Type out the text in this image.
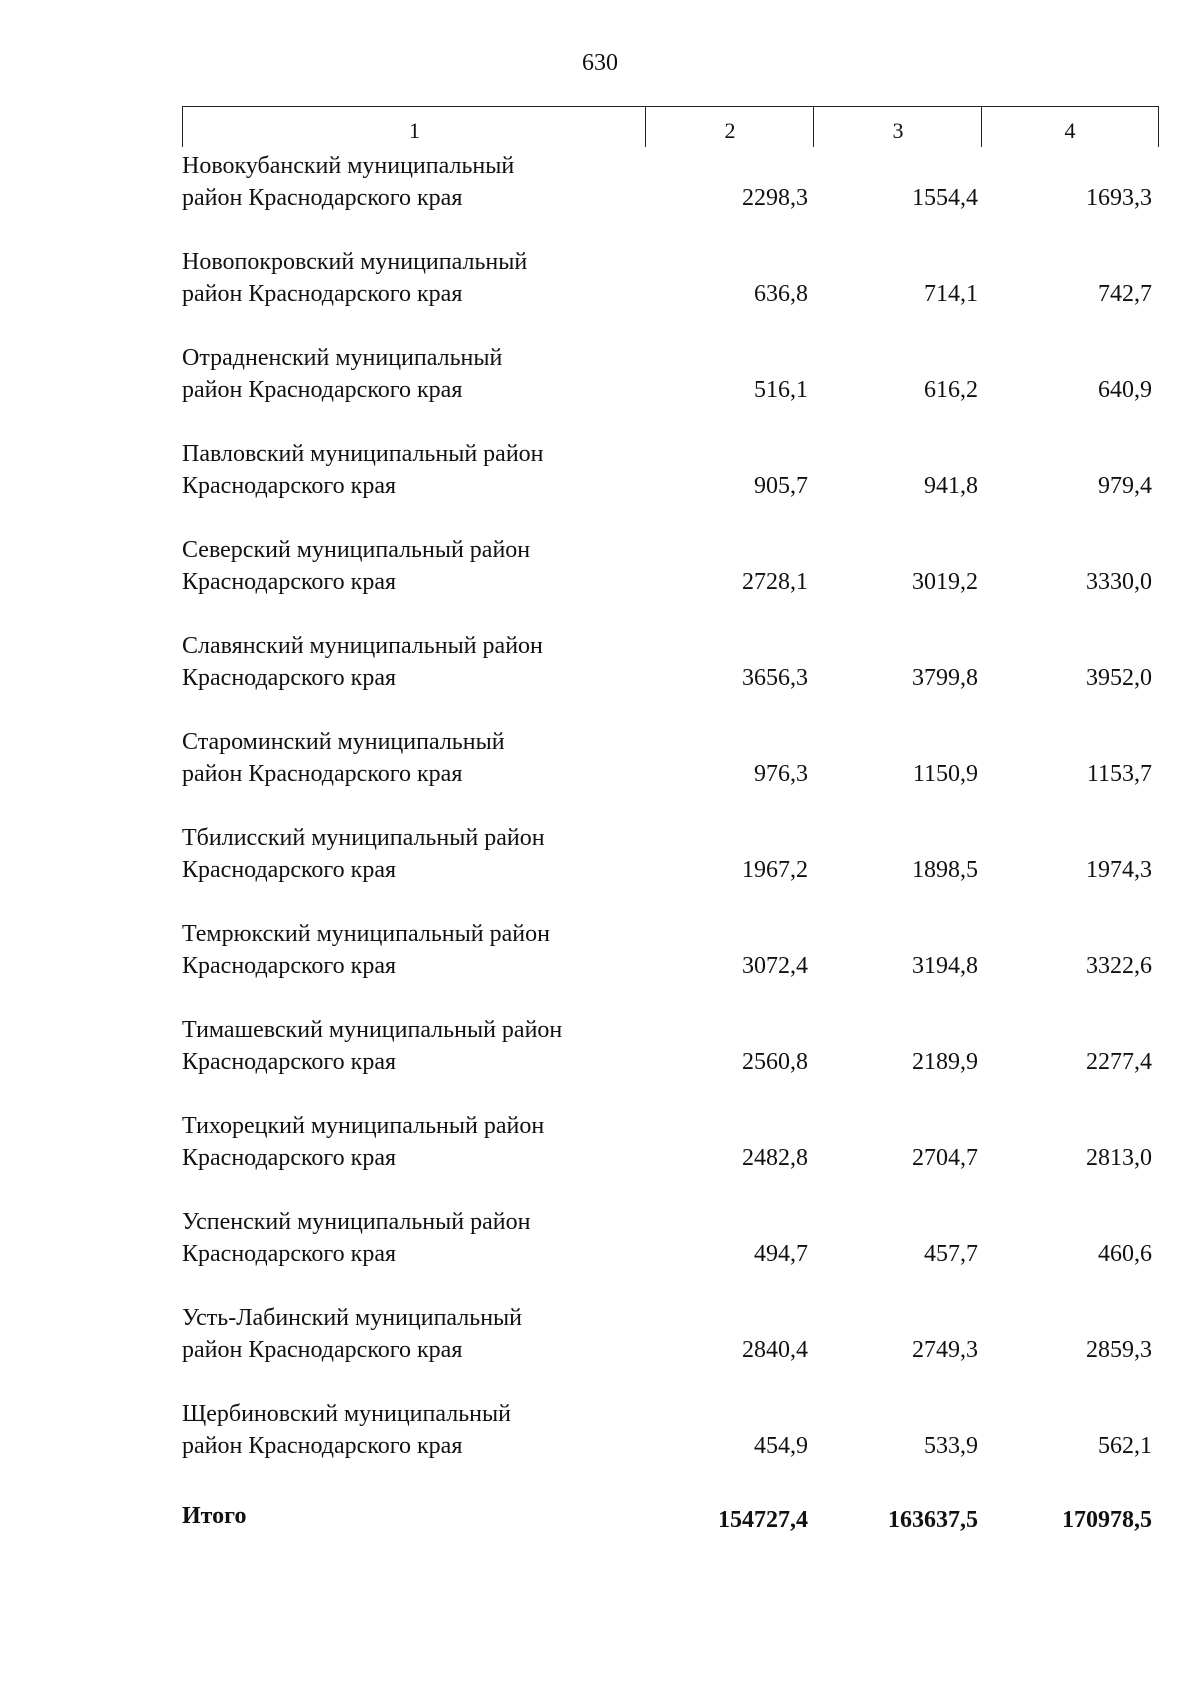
630
1	2	3	4
Новокубанский муниципальный
район Краснодарского края	2298,3	1554,4	1693,3
Новопокровский муниципальный
район Краснодарского края	636,8	714,1	742,7
Отрадненский муниципальный
район Краснодарского края	516,1	616,2	640,9
Павловский муниципальный район
Краснодарского края	905,7	941,8	979,4
Северский муниципальный район
Краснодарского края	2728,1	3019,2	3330,0
Славянский муниципальный район
Краснодарского края	3656,3	3799,8	3952,0
Староминский муниципальный
район Краснодарского края	976,3	1150,9	1153,7
Тбилисский муниципальный район
Краснодарского края	1967,2	1898,5	1974,3
Темрюкский муниципальный район
Краснодарского края	3072,4	3194,8	3322,6
Тимашевский муниципальный район
Краснодарского края	2560,8	2189,9	2277,4
Тихорецкий муниципальный район
Краснодарского края	2482,8	2704,7	2813,0
Успенский муниципальный район
Краснодарского края	494,7	457,7	460,6
Усть-Лабинский муниципальный
район Краснодарского края	2840,4	2749,3	2859,3
Щербиновский муниципальный
район Краснодарского края	454,9	533,9	562,1
Итого	154727,4	163637,5	170978,5
